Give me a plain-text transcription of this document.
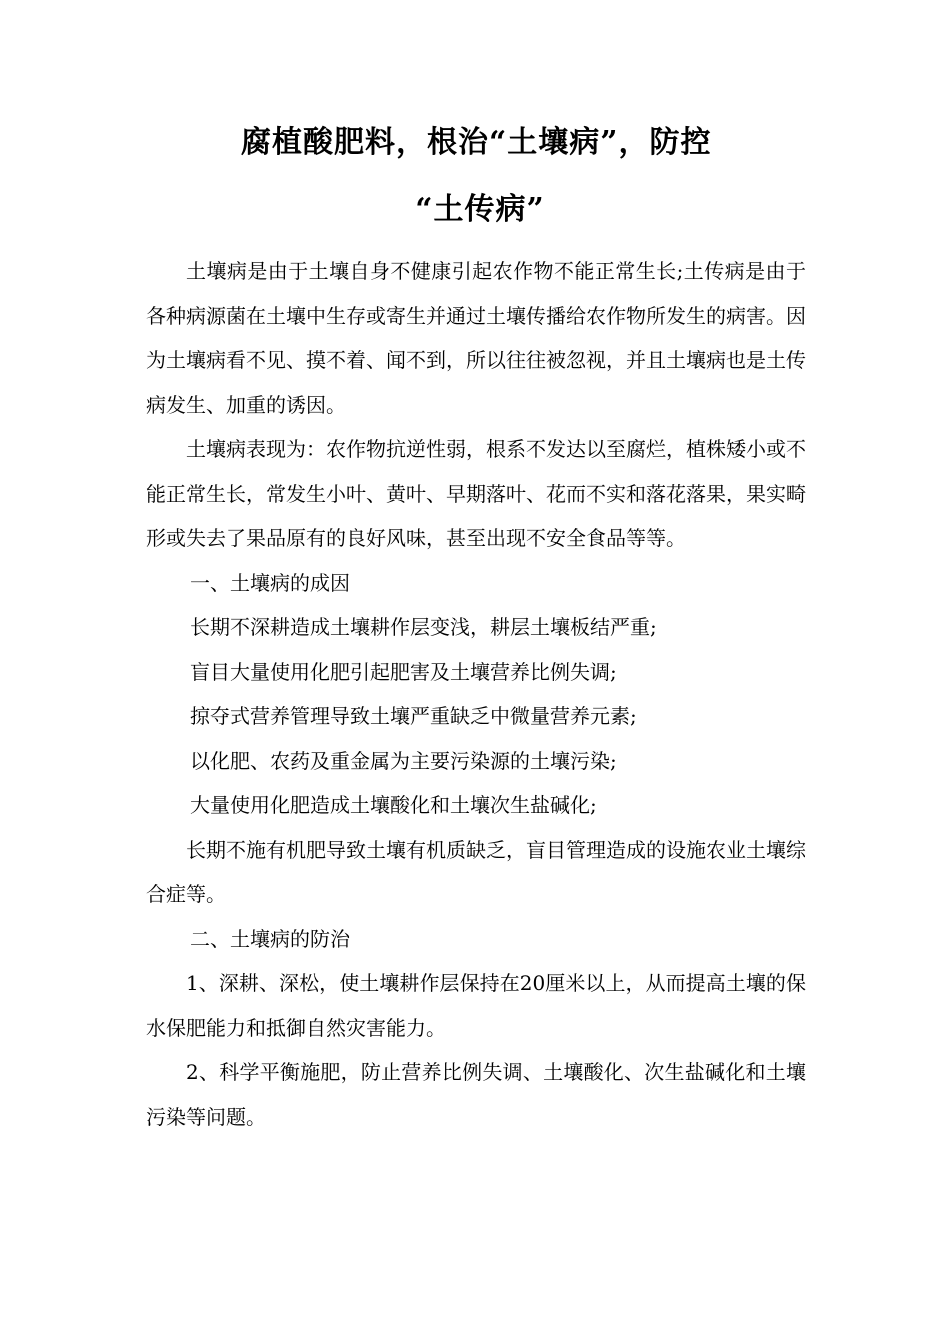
腐植酸肥料，根治“土壤病”，防控
“土传病”

土壤病是由于土壤自身不健康引起农作物不能正常生长;土传病是由于各种病源菌在土壤中生存或寄生并通过土壤传播给农作物所发生的病害。因为土壤病看不见、摸不着、闻不到，所以往往被忽视，并且土壤病也是土传病发生、加重的诱因。

土壤病表现为：农作物抗逆性弱，根系不发达以至腐烂，植株矮小或不能正常生长，常发生小叶、黄叶、早期落叶、花而不实和落花落果，果实畸形或失去了果品原有的良好风味，甚至出现不安全食品等等。

一、土壤病的成因

长期不深耕造成土壤耕作层变浅，耕层土壤板结严重;

盲目大量使用化肥引起肥害及土壤营养比例失调;

掠夺式营养管理导致土壤严重缺乏中微量营养元素;

以化肥、农药及重金属为主要污染源的土壤污染;

大量使用化肥造成土壤酸化和土壤次生盐碱化;

长期不施有机肥导致土壤有机质缺乏，盲目管理造成的设施农业土壤综合症等。

二、土壤病的防治

1、深耕、深松，使土壤耕作层保持在20厘米以上，从而提高土壤的保水保肥能力和抵御自然灾害能力。

2、科学平衡施肥，防止营养比例失调、土壤酸化、次生盐碱化和土壤污染等问题。
